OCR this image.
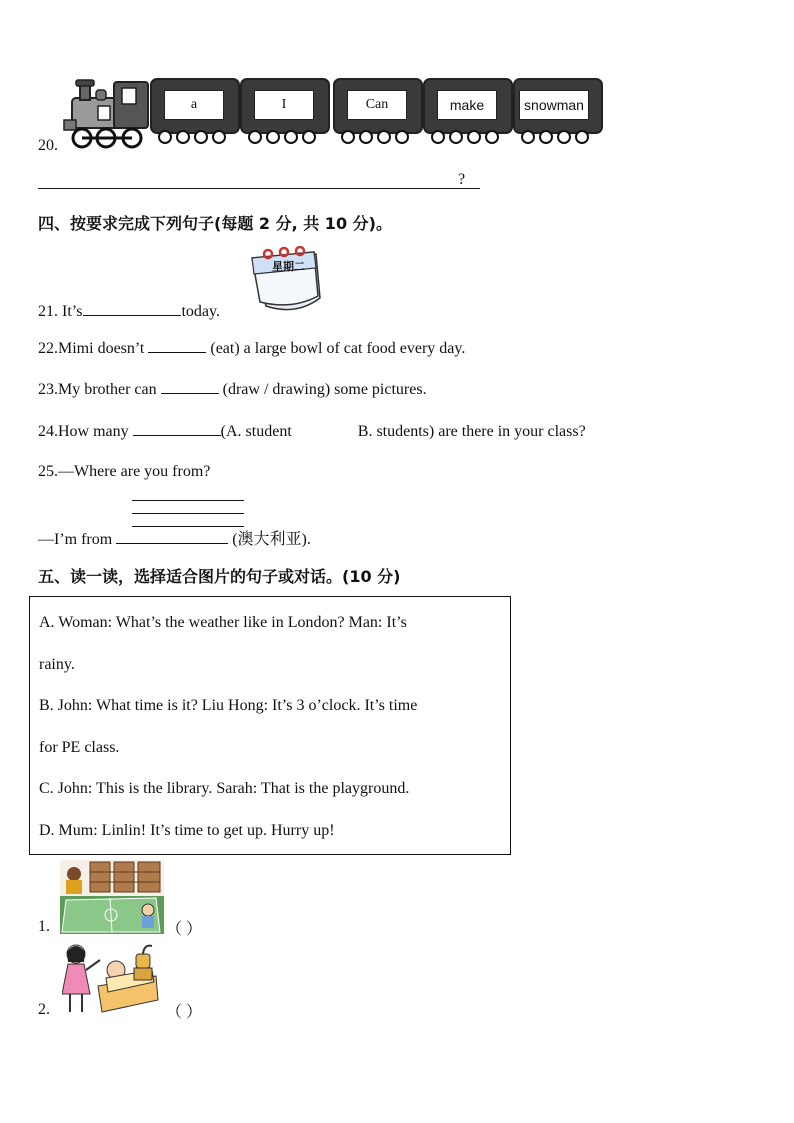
20.
a	I	Can	make	snowman
?
四、按要求完成下列句子(每题 2 分, 共 10 分)。
星期二
21. It’s	today.
22.Mimi doesn’t	(eat) a large bowl of cat food every day.
23.My brother can	(draw / drawing) some pictures.
24.How many	(A. student	B. students) are there in your class?
25.—Where are you from?
—I’m from	(澳大利亚).
五、读一读，选择适合图片的句子或对话。(10 分)
A. Woman: What’s the weather like in London? Man: It’s
rainy.
B. John: What time is it? Liu Hong: It’s 3 o’clock. It’s time
for PE class.
C. John: This is the library. Sarah: That is the playground.
D. Mum: Linlin! It’s time to get up. Hurry up!
1.	（ ）
2.	（ ）
